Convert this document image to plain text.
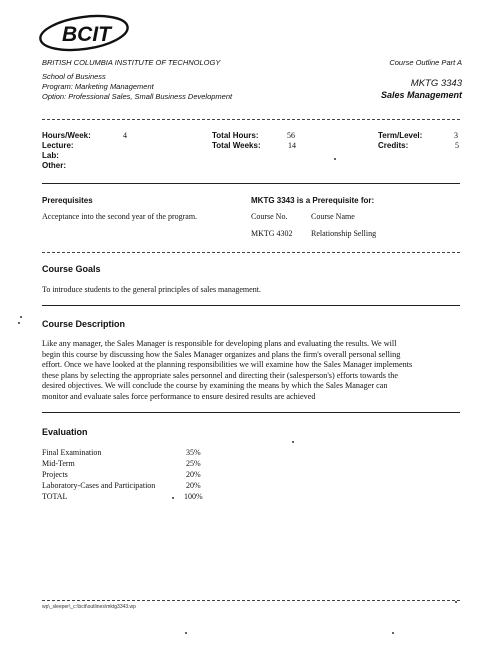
BCIT
BRITISH COLUMBIA INSTITUTE OF TECHNOLOGY	Course Outline Part A
School of Business
Program: Marketing Management
Option: Professional Sales, Small Business Development
MKTG 3343
Sales Management
Hours/Week:	4
Lecture:
Lab:
Other:
Total Hours:	56
Total Weeks:	14
Term/Level:	3
Credits:	5
Prerequisites
Acceptance into the second year of the program.
MKTG 3343 is a Prerequisite for:
Course No.	Course Name
MKTG 4302 Relationship Selling
Course Goals
To introduce students to the general principles of sales management.
Course Description
Like any manager, the Sales Manager is responsible for developing plans and evaluating the results. We will
begin this course by discussing how the Sales Manager organizes and plans the firm's overall personal selling
effort. Once we have looked at the planning responsibilities we will examine how the Sales Manager implements
these plans by selecting the appropriate sales personnel and directing their (salesperson's) efforts towards the
desired objectives. We will conclude the course by examining the means by which the Sales Manager can
monitor and evaluate sales force performance to ensure desired results are achieved
Evaluation
Final Examination	35%
Mid-Term	25%
Projects	20%
Laboratory-Cases and Participation	20%
TOTAL	100%
wp\_sleeper\_c:\bcit\outlines\mktg3343.wp
